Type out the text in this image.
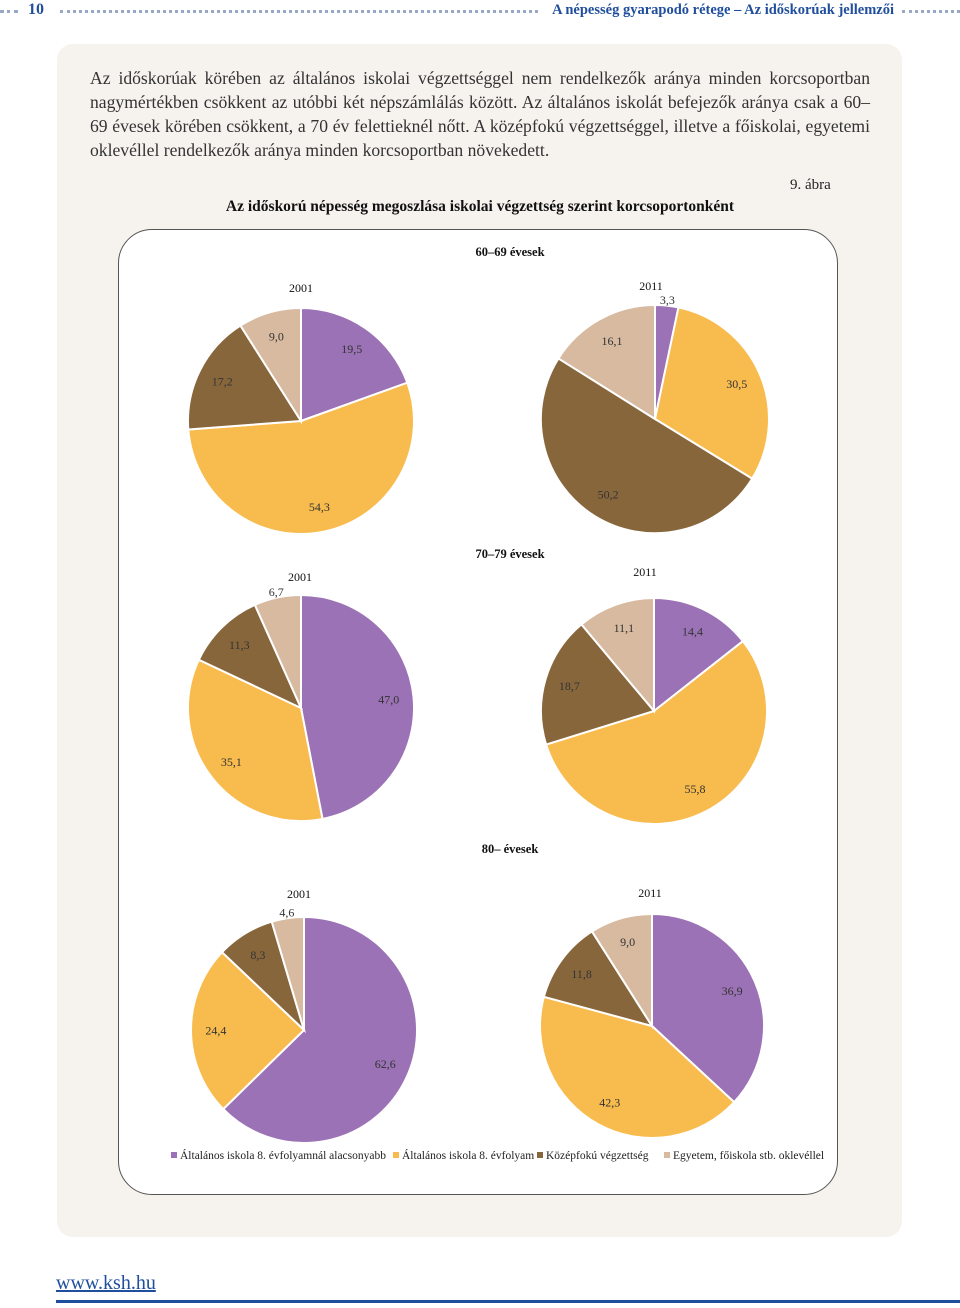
10	A népesség gyarapodó rétege – Az időskorúak jellemzői
Az időskorúak körében az általános iskolai végzettséggel nem rendelkezők aránya minden korcsoportban nagymértékben csökkent az utóbbi két népszámlálás között. Az általános iskolát befejezők aránya csak a 60–69 évesek körében csökkent, a 70 év felettieknél nőtt. A középfokú végzettséggel, illetve a főiskolai, egyetemi oklevéllel rendelkezők aránya minden korcsoportban növekedett.
Az időskorú népesség megoszlása iskolai végzettség szerint korcsoportonként
9. ábra
60–69 évesek
2001
19,5
54,3
17,2
9,0
2011
3,3
30,5
50,2
16,1
70–79 évesek
2001
47,0
35,1
11,3
6,7
2011
14,4
55,8
18,7
11,1
80– évesek
2001
62,6
24,4
8,3
4,6
2011
36,9
42,3
11,8
9,0
Általános iskola 8. évfolyamnál alacsonyabb Általános iskola 8. évfolyam Középfokú végzettség Egyetem, főiskola stb. oklevéllel
www.ksh.hu
